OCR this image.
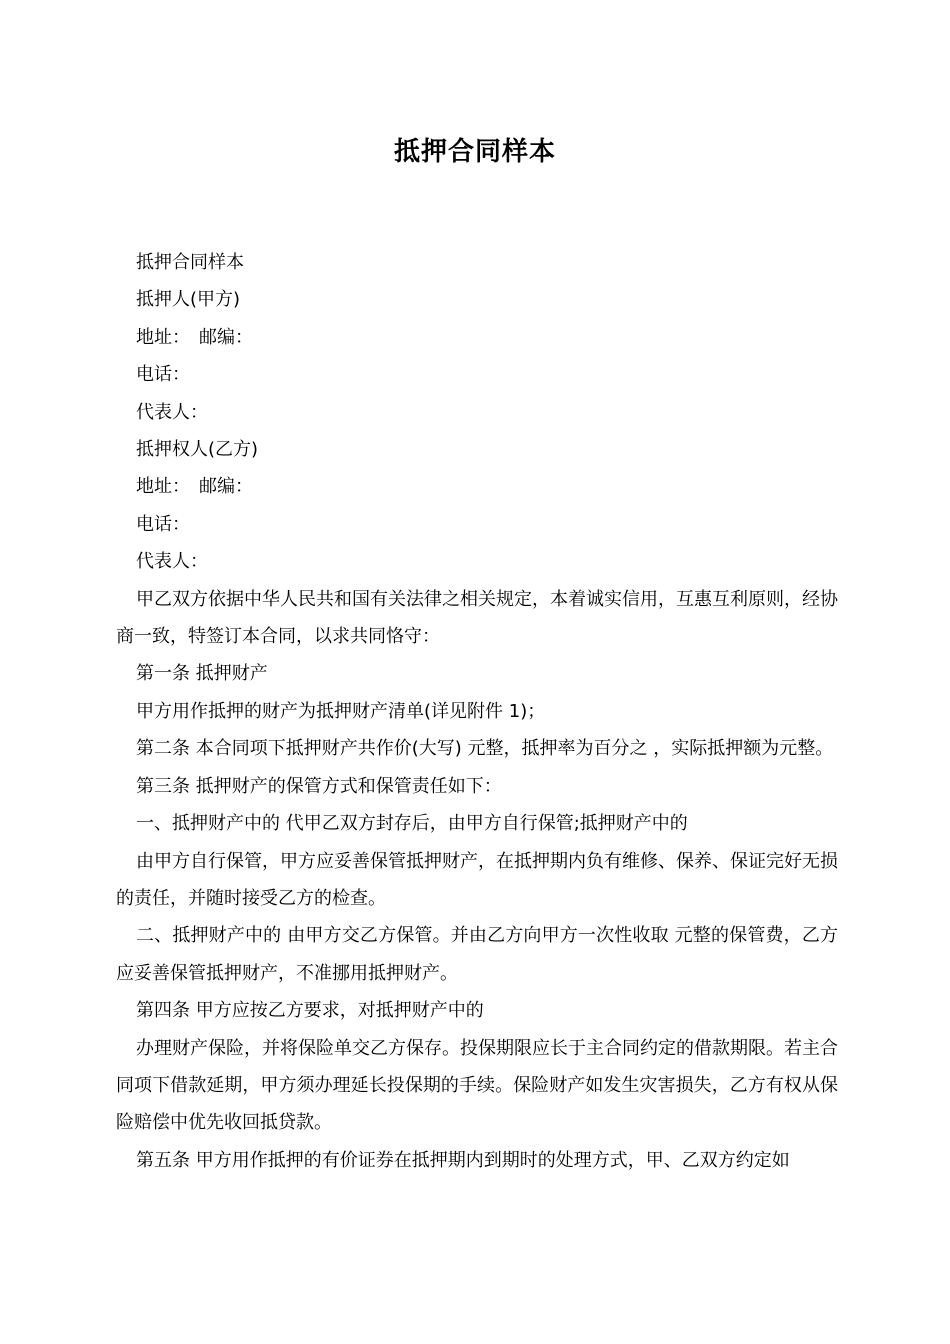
抵押合同样本

抵押合同样本

抵押人(甲方)

地址：　邮编：

电话：

代表人：

抵押权人(乙方)

地址：　邮编：

电话：

代表人：

甲乙双方依据中华人民共和国有关法律之相关规定，本着诚实信用，互惠互利原则，经协商一致，特签订本合同，以求共同恪守：

第一条 抵押财产

甲方用作抵押的财产为抵押财产清单(详见附件 1)；

第二条 本合同项下抵押财产共作价(大写) 元整，抵押率为百分之 ，实际抵押额为元整。

第三条 抵押财产的保管方式和保管责任如下：

一、抵押财产中的 代甲乙双方封存后，由甲方自行保管;抵押财产中的

由甲方自行保管，甲方应妥善保管抵押财产，在抵押期内负有维修、保养、保证完好无损的责任，并随时接受乙方的检查。

二、抵押财产中的 由甲方交乙方保管。并由乙方向甲方一次性收取 元整的保管费，乙方应妥善保管抵押财产，不准挪用抵押财产。

第四条 甲方应按乙方要求，对抵押财产中的

办理财产保险，并将保险单交乙方保存。投保期限应长于主合同约定的借款期限。若主合同项下借款延期，甲方须办理延长投保期的手续。保险财产如发生灾害损失，乙方有权从保险赔偿中优先收回抵贷款。

第五条 甲方用作抵押的有价证券在抵押期内到期时的处理方式，甲、乙双方约定如
